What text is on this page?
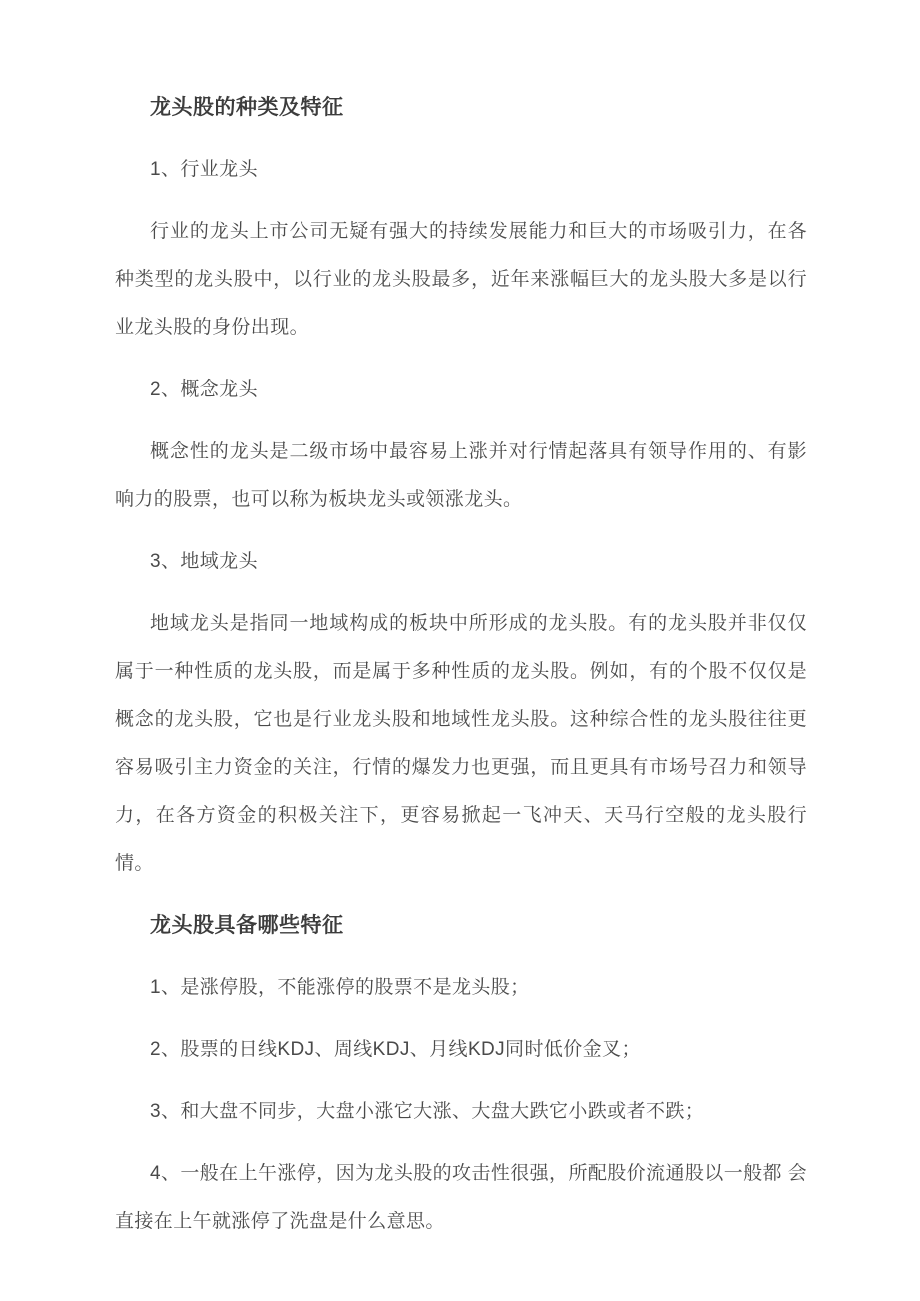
龙头股的种类及特征

1、行业龙头

行业的龙头上市公司无疑有强大的持续发展能力和巨大的市场吸引力，在各 种类型的龙头股中，以行业的龙头股最多，近年来涨幅巨大的龙头股大多是以行 业龙头股的身份出现。

2、概念龙头

概念性的龙头是二级市场中最容易上涨并对行情起落具有领导作用的、有影 响力的股票，也可以称为板块龙头或领涨龙头。

3、地域龙头

地域龙头是指同一地域构成的板块中所形成的龙头股。有的龙头股并非仅仅 属于一种性质的龙头股，而是属于多种性质的龙头股。例如，有的个股不仅仅是 概念的龙头股，它也是行业龙头股和地域性龙头股。这种综合性的龙头股往往更 容易吸引主力资金的关注，行情的爆发力也更强，而且更具有市场号召力和领导 力，在各方资金的积极关注下，更容易掀起一飞冲天、天马行空般的龙头股行情。

龙头股具备哪些特征

1、是涨停股，不能涨停的股票不是龙头股；

2、股票的日线KDJ、周线KDJ、月线KDJ同时低价金叉；

3、和大盘不同步，大盘小涨它大涨、大盘大跌它小跌或者不跌；

4、一般在上午涨停，因为龙头股的攻击性很强，所配股价流通股以一般都 会直接在上午就涨停了洗盘是什么意思。
